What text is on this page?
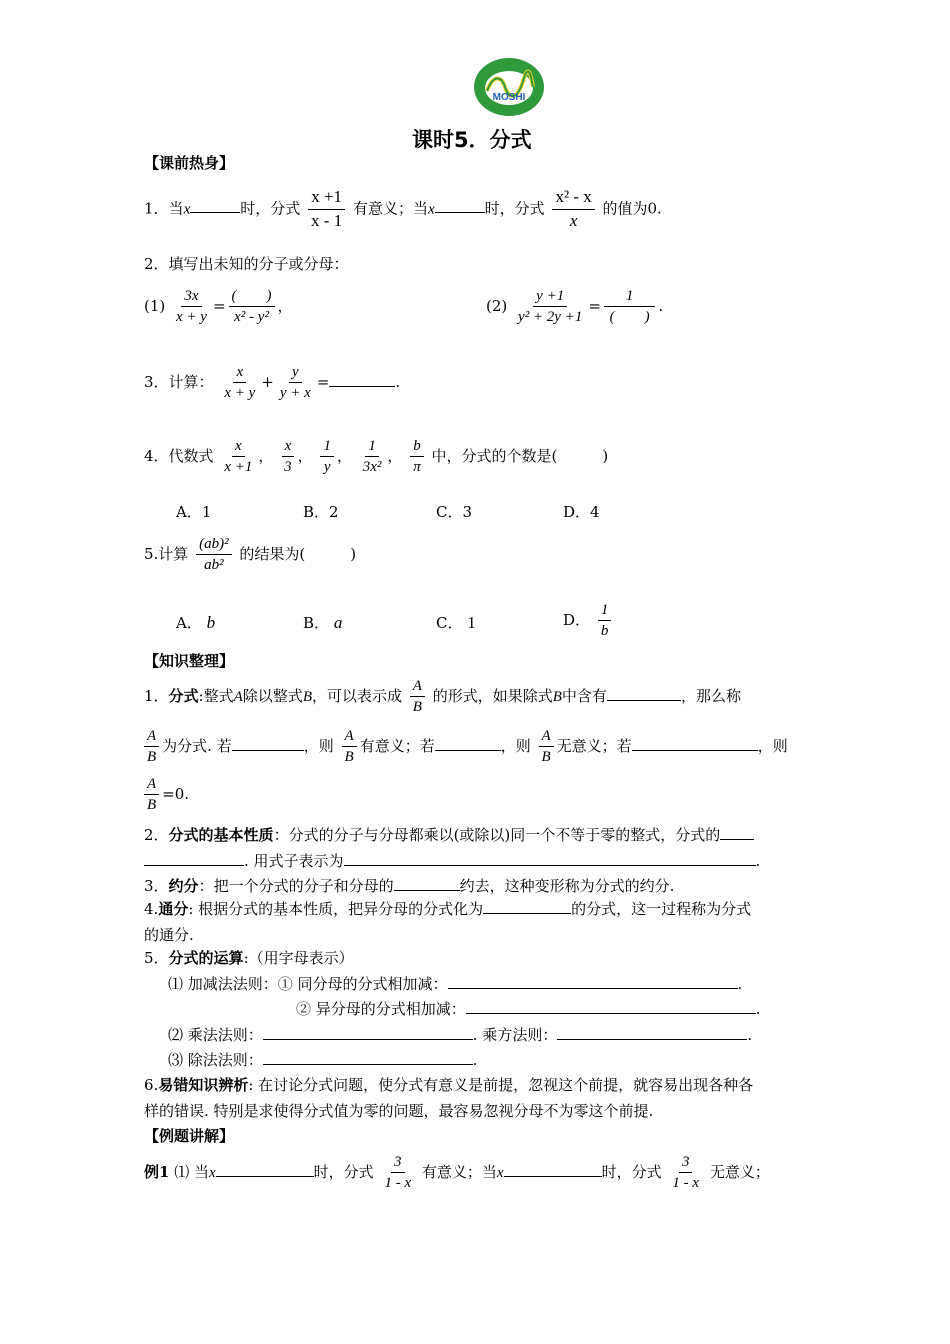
MOSHI
课时5．分式
【课前热身】
1．当x	时，分式 $\frac{x +1}{x - 1}$ 有意义；当x	时，分式 $\frac{\text{x² - x}}{x}$ 的值为0.
2．填写出未知的分子或分母：
$(1) \frac{3x}{x + y} = \frac{( )}{\text{x² - y²}}$ ，	$(2) \frac{y +1}{\text{y² + 2y +1}} = \frac{1}{( )}$ .
3．计算： $\frac{x}{x + y} + \frac{y}{y + x}$ =	.
4．代数式 $\frac{x}{x +1}$ ， $\frac{x}{3}$ ， $\frac{1}{y}$ ， $\frac{1}{\text{3x²}}$ ， $\frac{b}{\pi}$ 中，分式的个数是(　　　)
A．1	B．2	C．3	D．4
5.计算 $\frac{\text{(ab)²}}{\text{ab²}}$ 的结果为(　　　)
A． b	B． a	C． 1	D． $\frac{1}{b}$
【知识整理】
1．分式:整式A除以整式B，可以表示成 $\frac{A}{B}$ 的形式，如果除式B中含有	，那么称
$\frac{A}{B}$ 为分式. 若	，则 $\frac{A}{B}$ 有意义；若	，则 $\frac{A}{B}$ 无意义；若	，则
$\frac{A}{B} =0$.
2．分式的基本性质：分式的分子与分母都乘以(或除以)同一个不等于零的整式，分式的
. 用式子表示为	.
3．约分：把一个分式的分子和分母的	约去，这种变形称为分式的约分.
4.通分: 根据分式的基本性质，把异分母的分式化为	的分式，这一过程称为分式
的通分.
5．分式的运算:（用字母表示）
⑴ 加减法法则：① 同分母的分式相加减：	.
② 异分母的分式相加减：	.
⑵ 乘法法则：	. 乘方法则：	.
⑶ 除法法则：	.
6.易错知识辨析: 在讨论分式问题，使分式有意义是前提，忽视这个前提，就容易出现各种各
样的错误. 特别是求使得分式值为零的问题，最容易忽视分母不为零这个前提.
【例题讲解】
例1 ⑴ 当x	时，分式 $\frac{3}{1 - x}$ 有意义；当x	时，分式 $\frac{3}{1 - x}$ 无意义；
